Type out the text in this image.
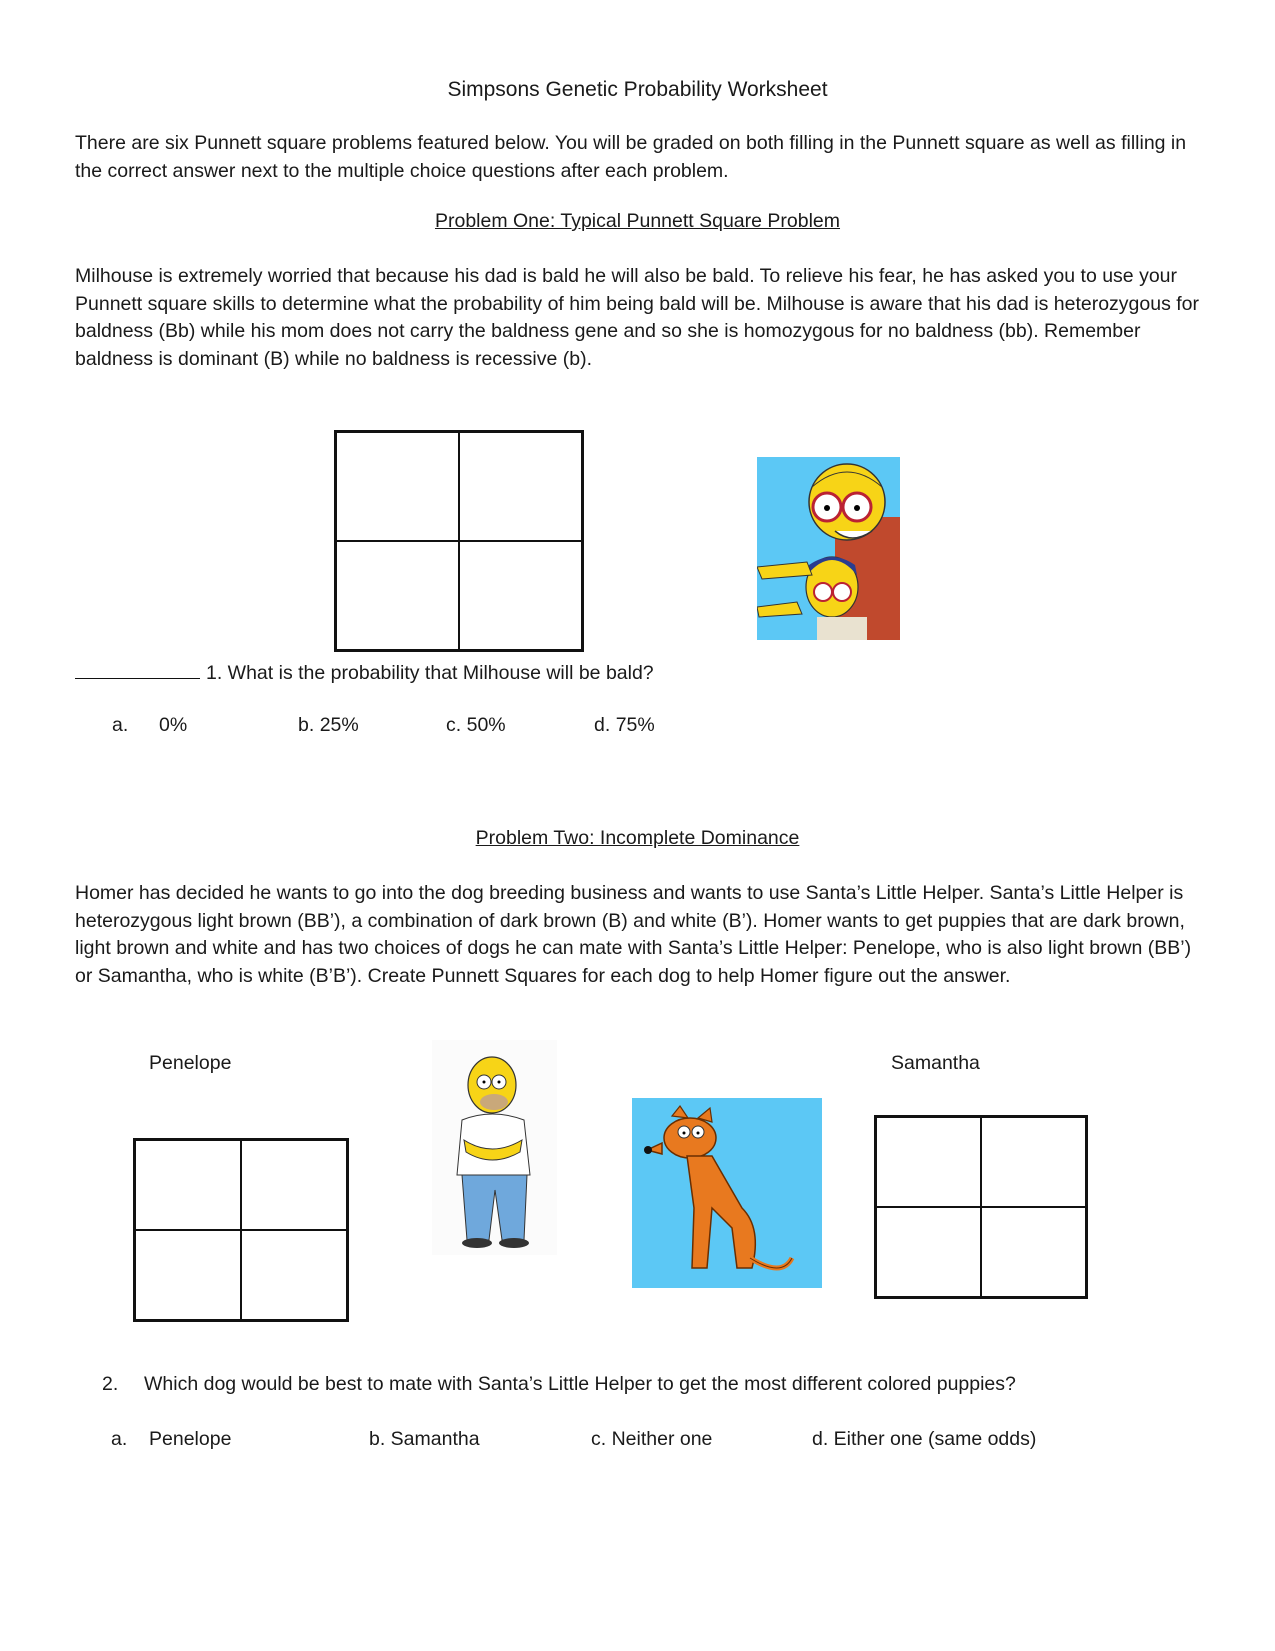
Simpsons Genetic Probability Worksheet
There are six Punnett square problems featured below. You will be graded on both filling in the Punnett square as well as filling in the correct answer next to the multiple choice questions after each problem.
Problem One: Typical Punnett Square Problem
Milhouse is extremely worried that because his dad is bald he will also be bald. To relieve his fear, he has asked you to use your Punnett square skills to determine what the probability of him being bald will be. Milhouse is aware that his dad is heterozygous for baldness (Bb) while his mom does not carry the baldness gene and so she is homozygous for no baldness (bb). Remember baldness is dominant (B) while no baldness is recessive (b).
1. What is the probability that Milhouse will be bald?
a. 0%	b. 25%	c. 50%	d. 75%
Problem Two: Incomplete Dominance
Homer has decided he wants to go into the dog breeding business and wants to use Santa’s Little Helper. Santa’s Little Helper is heterozygous light brown (BB’), a combination of dark brown (B) and white (B’). Homer wants to get puppies that are dark brown, light brown and white and has two choices of dogs he can mate with Santa’s Little Helper: Penelope, who is also light brown (BB’) or Samantha, who is white (B’B’). Create Punnett Squares for each dog to help Homer figure out the answer.
Penelope	Samantha
2. Which dog would be best to mate with Santa’s Little Helper to get the most different colored puppies?
a. Penelope	b. Samantha	c. Neither one	d. Either one (same odds)
